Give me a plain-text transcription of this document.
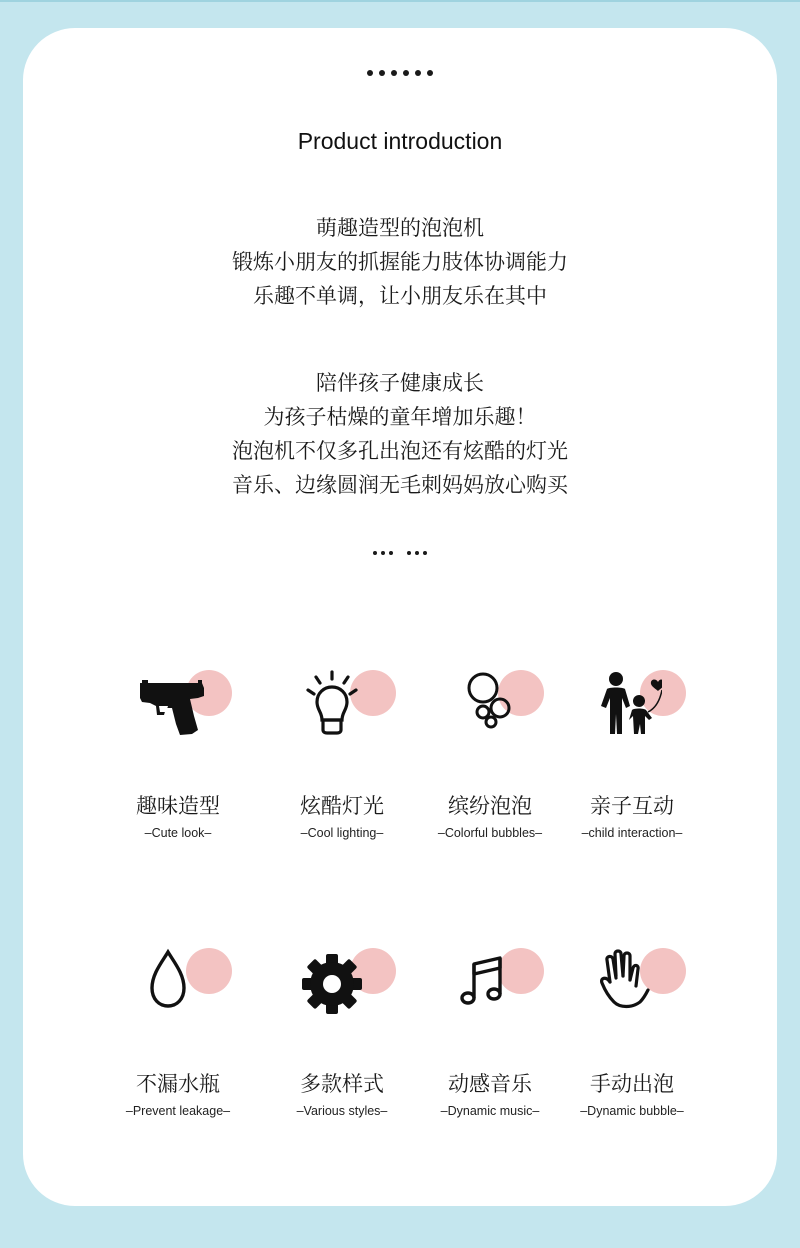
Product introduction
萌趣造型的泡泡机
锻炼小朋友的抓握能力肢体协调能力
乐趣不单调，让小朋友乐在其中
陪伴孩子健康成长
为孩子枯燥的童年增加乐趣！
泡泡机不仅多孔出泡还有炫酷的灯光
音乐、边缘圆润无毛刺妈妈放心购买
趣味造型
–Cute look–
炫酷灯光
–Cool lighting–
缤纷泡泡
–Colorful bubbles–
亲子互动
–child interaction–
不漏水瓶
–Prevent leakage–
多款样式
–Various styles–
动感音乐
–Dynamic music–
手动出泡
–Dynamic bubble–
